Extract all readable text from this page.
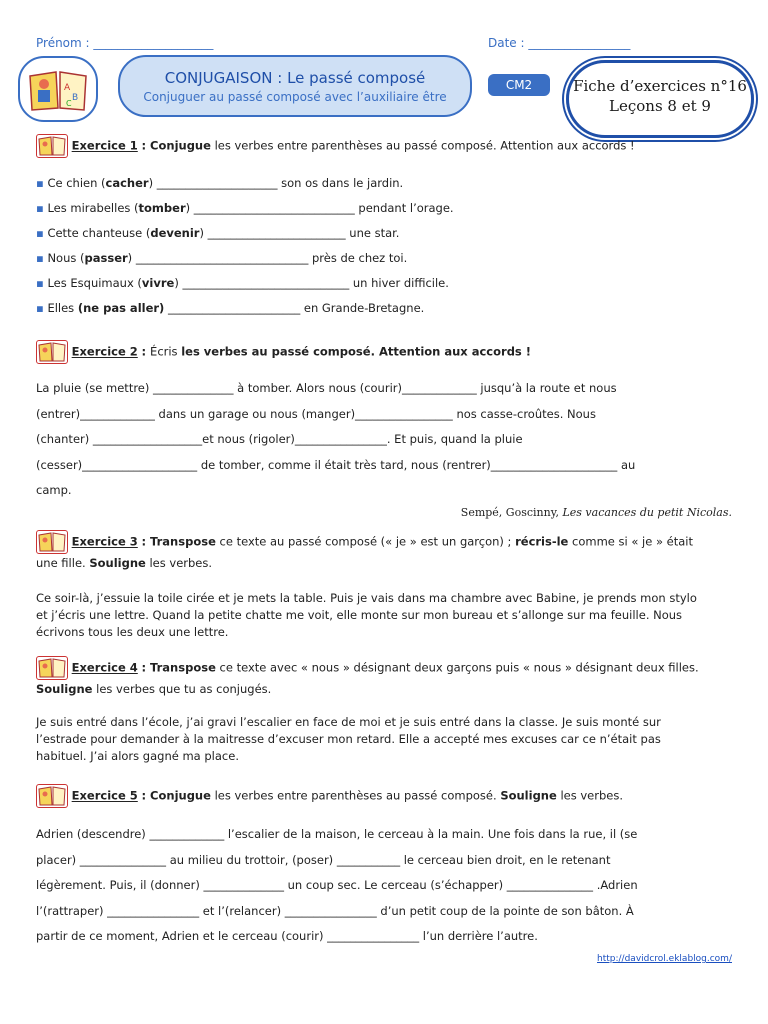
Prénom : ____________________	Date : _________________
A
B
C
CONJUGAISON : Le passé composé
Conjuguer au passé composé avec l’auxiliaire être
CM2	Fiche d’exercices n°16
Leçons 8 et 9
Exercice 1 : Conjugue les verbes entre parenthèses au passé composé. Attention aux accords !
▪ Ce chien (cacher) _____________________ son os dans le jardin.
▪ Les mirabelles (tomber) ____________________________ pendant l’orage.
▪ Cette chanteuse (devenir) ________________________ une star.
▪ Nous (passer) ______________________________ près de chez toi.
▪ Les Esquimaux (vivre) _____________________________ un hiver difficile.
▪ Elles (ne pas aller) _______________________ en Grande-Bretagne.
Exercice 2 : Écris les verbes au passé composé. Attention aux accords !
La pluie (se mettre) ______________ à tomber. Alors nous (courir)_____________ jusqu’à la route et nous
(entrer)_____________ dans un garage ou nous (manger)_________________ nos casse-croûtes. Nous
(chanter) ___________________et nous (rigoler)________________. Et puis, quand la pluie
(cesser)____________________ de tomber, comme il était très tard, nous (rentrer)______________________ au
camp.
Sempé, Goscinny, Les vacances du petit Nicolas.
Exercice 3 : Transpose ce texte au passé composé (« je » est un garçon) ; récris-le comme si « je » était
une fille. Souligne les verbes.
Ce soir-là, j’essuie la toile cirée et je mets la table. Puis je vais dans ma chambre avec Babine, je prends mon stylo
et j’écris une lettre. Quand la petite chatte me voit, elle monte sur mon bureau et s’allonge sur ma feuille. Nous
écrivons tous les deux une lettre.
Exercice 4 : Transpose ce texte avec « nous » désignant deux garçons puis « nous » désignant deux filles.
Souligne les verbes que tu as conjugés.
Je suis entré dans l’école, j’ai gravi l’escalier en face de moi et je suis entré dans la classe. Je suis monté sur
l’estrade pour demander à la maitresse d’excuser mon retard. Elle a accepté mes excuses car ce n’était pas
habituel. J’ai alors gagné ma place.
Exercice 5 : Conjugue les verbes entre parenthèses au passé composé. Souligne les verbes.
Adrien (descendre) _____________ l’escalier de la maison, le cerceau à la main. Une fois dans la rue, il (se
placer) _______________ au milieu du trottoir, (poser) ___________ le cerceau bien droit, en le retenant
légèrement. Puis, il (donner) ______________ un coup sec. Le cerceau (s’échapper) _______________ .Adrien
l’(rattraper) ________________ et l’(relancer) ________________ d’un petit coup de la pointe de son bâton. À
partir de ce moment, Adrien et le cerceau (courir) ________________ l’un derrière l’autre.
http://davidcrol.eklablog.com/
